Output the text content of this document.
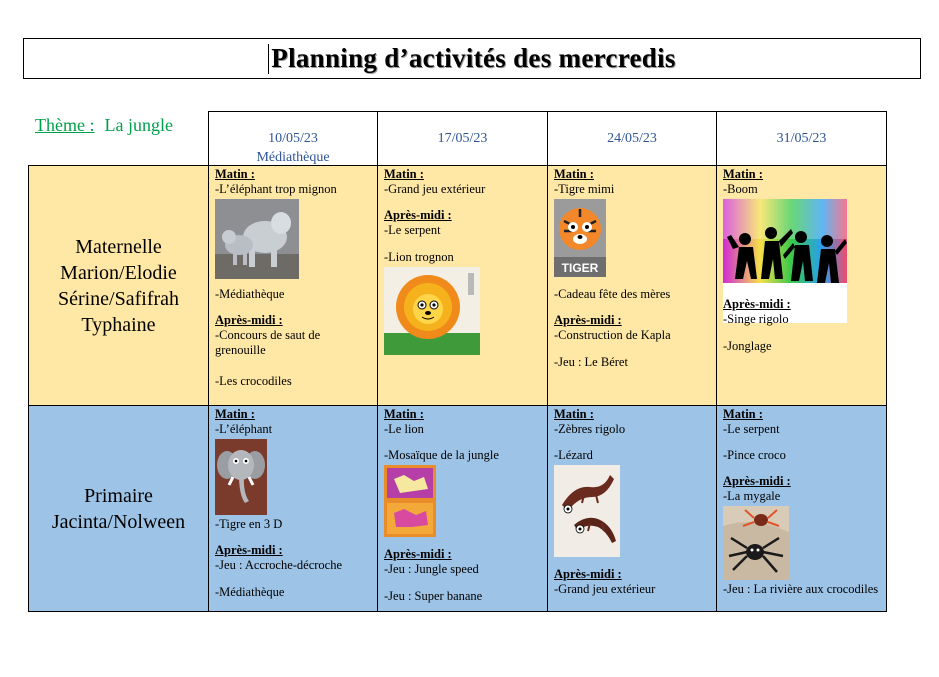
Planning d’activités des mercredis
Thème : La jungle
10/05/23
Médiathèque
17/05/23	24/05/23	31/05/23
Maternelle
Marion/Elodie
Sérine/Safifrah
Typhaine
Matin :
-L’éléphant trop mignon
-Médiathèque
Après-midi :
-Concours de saut de grenouille
-Les crocodiles
Matin :
-Grand jeu extérieur
Après-midi :
-Le serpent
-Lion trognon
Matin :
-Tigre mimi
TIGER
-Cadeau fête des mères
Après-midi :
-Construction de Kapla
-Jeu : Le Béret
Matin :
-Boom
Après-midi :
-Singe rigolo
-Jonglage
Primaire
Jacinta/Nolween
Matin :
-L’éléphant
-Tigre en 3 D
Après-midi :
-Jeu : Accroche-décroche
-Médiathèque
Matin :
-Le lion
-Mosaïque de la jungle
Après-midi :
-Jeu : Jungle speed
-Jeu : Super banane
Matin :
-Zèbres rigolo
-Lézard
Après-midi :
-Grand jeu extérieur
Matin :
-Le serpent
-Pince croco
Après-midi :
-La mygale
-Jeu : La rivière aux crocodiles
